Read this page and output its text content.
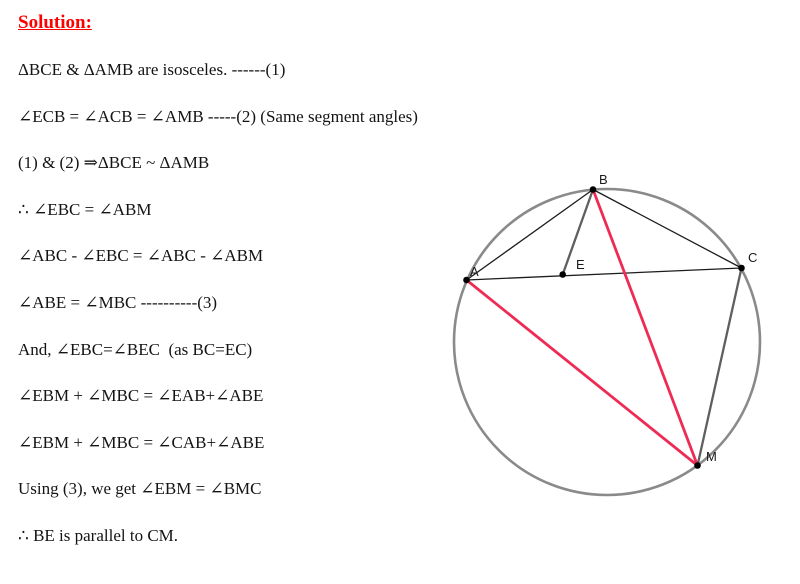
Solution:

ΔBCE & ΔAMB are isosceles. ------(1)

∠ECB = ∠ACB = ∠AMB -----(2) (Same segment angles)

(1) & (2) ⇒ΔBCE ~ ΔAMB

∴ ∠EBC = ∠ABM

∠ABC - ∠EBC = ∠ABC - ∠ABM

∠ABE = ∠MBC ----------(3)

And, ∠EBC=∠BEC  (as BC=EC)

∠EBM + ∠MBC = ∠EAB+∠ABE

∠EBM + ∠MBC = ∠CAB+∠ABE

Using (3), we get ∠EBM = ∠BMC

∴ BE is parallel to CM.

A
B
C
E
M
